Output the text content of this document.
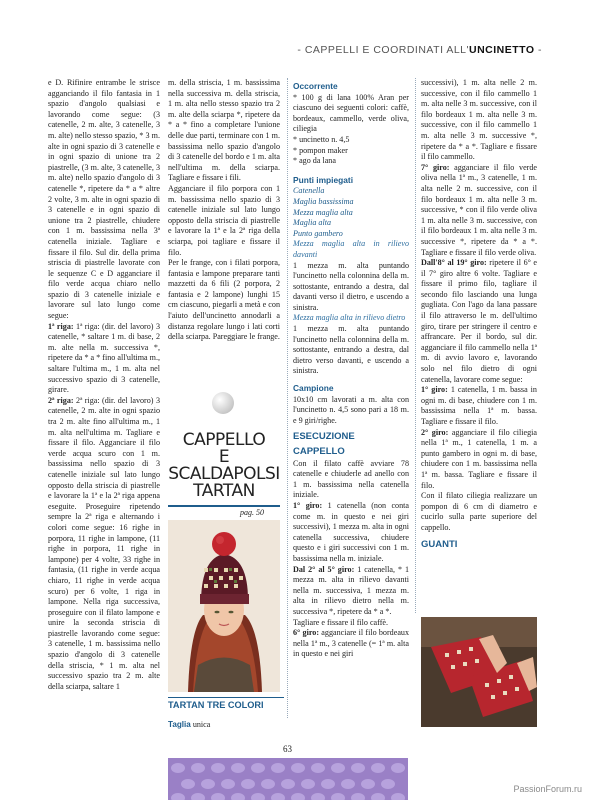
- CAPPELLI E COORDINATI ALL'UNCINETTO -

e D. Rifinire entrambe le strisce agganciando il filo fantasia in 1 spazio d'angolo qualsiasi e lavorando come segue: (3 catenelle, 2 m. alte, 3 catenelle, 3 m. alte) nello stesso spazio, * 3 m. alte in ogni spazio di 3 catenelle e in ogni spazio di unione tra 2 piastrelle, (3 m. alte, 3 catenelle, 3 m. alte) nello spazio d'angolo di 3 catenelle *, ripetere da * a * altre 2 volte, 3 m. alte in ogni spazio di 3 catenelle e in ogni spazio di unione tra 2 piastrelle, chiudere con 1 m. bassissima nella 3ª catenella iniziale. Tagliare e fissare il filo. Sul dir. della prima striscia di piastrelle lavorate con le sequenze C e D agganciare il filo verde acqua chiaro nello spazio di 3 catenelle iniziale e lavorare sul lato lungo come segue:

1ª riga: 1ª riga: (dir. del lavoro) 3 catenelle, * saltare 1 m. di base, 2 m. alte nella m. successiva *, ripetere da * a * fino all'ultima m., saltare l'ultima m., 1 m. alta nel successivo spazio di 3 catenelle, girare.

2ª riga: 2ª riga: (dir. del lavoro) 3 catenelle, 2 m. alte in ogni spazio tra 2 m. alte fino all'ultima m., 1 m. alta nell'ultima m. Tagliare e fissare il filo. Agganciare il filo verde acqua scuro con 1 m. bassissima nello spazio di 3 catenelle iniziale sul lato lungo opposto della striscia di piastrelle e lavorare la 1ª e la 2ª riga appena eseguite. Proseguire ripetendo sempre la 2ª riga e alternando i colori come segue: 16 righe in porpora, 11 righe in lampone, (11 righe in porpora, 11 righe in lampone) per 4 volte, 33 righe in fantasia, (11 righe in verde acqua chiaro, 11 righe in verde acqua scuro) per 6 volte, 1 riga in lampone. Nella riga successiva, proseguire con il filato lampone e unire la seconda striscia di piastrelle lavorando come segue: 3 catenelle, 1 m. bassissima nello spazio d'angolo di 3 catenelle della striscia, * 1 m. alta nel successivo spazio tra 2 m. alte della sciarpa, saltare 1

m. della striscia, 1 m. bassissima nella successiva m. della striscia, 1 m. alta nello stesso spazio tra 2 m. alte della sciarpa *, ripetere da * a * fino a completare l'unione delle due parti, terminare con 1 m. bassissima nello spazio d'angolo di 3 catenelle del bordo e 1 m. alta nell'ultima m. della sciarpa. Tagliare e fissare i fili.

Agganciare il filo porpora con 1 m. bassissima nello spazio di 3 catenelle iniziale sul lato lungo opposto della striscia di piastrelle e lavorare la 1ª e la 2ª riga della sciarpa, poi tagliare e fissare il filo.

Per le frange, con i filati porpora, fantasia e lampone preparare tanti mazzetti da 6 fili (2 porpora, 2 fantasia e 2 lampone) lunghi 15 cm ciascuno, piegarli a metà e con l'aiuto dell'uncinetto annodarli a distanza regolare lungo i lati corti della sciarpa. Pareggiare le frange.

CAPPELLO
E SCALDAPOLSI
TARTAN
pag. 50
TARTAN TRE COLORI
Taglia unica
Occorrente

* 100 g di lana 100% Aran per ciascuno dei seguenti colori: caffè, bordeaux, cammello, verde oliva, ciliegia

* uncinetto n. 4,5

* pompon maker

* ago da lana

Punti impiegati

Catenella

Maglia bassissima

Mezza maglia alta

Maglia alta

Punto gambero

Mezza maglia alta in rilievo davanti

1 mezza m. alta puntando l'uncinetto nella colonnina della m. sottostante, entrando a destra, dal davanti verso il dietro, e uscendo a sinistra.

Mezza maglia alta in rilievo dietro

1 mezza m. alta puntando l'uncinetto nella colonnina della m. sottostante, entrando a destra, dal dietro verso davanti, e uscendo a sinistra.

Campione

10x10 cm lavorati a m. alta con l'uncinetto n. 4,5 sono pari a 18 m. e 9 giri/righe.

ESECUZIONE
CAPPELLO

Con il filato caffè avviare 78 catenelle e chiuderle ad anello con 1 m. bassissima nella catenella iniziale.

1° giro: 1 catenella (non conta come m. in questo e nei giri successivi), 1 mezza m. alta in ogni catenella successiva, chiudere questo e i giri successivi con 1 m. bassissima nella m. iniziale.

Dal 2° al 5° giro: 1 catenella, * 1 mezza m. alta in rilievo davanti nella m. successiva, 1 mezza m. alta in rilievo dietro nella m. successiva *, ripetere da * a *.

Tagliare e fissare il filo caffè.

6° giro: agganciare il filo bordeaux nella 1ª m., 3 catenelle (= 1ª m. alta in questo e nei giri

successivi), 1 m. alta nelle 2 m. successive, con il filo cammello 1 m. alta nelle 3 m. successive, con il filo bordeaux 1 m. alta nelle 3 m. successive, con il filo cammello 1 m. alta nelle 3 m. successive *, ripetere da * a *. Tagliare e fissare il filo cammello.

7° giro: agganciare il filo verde oliva nella 1ª m., 3 catenelle, 1 m. alta nelle 2 m. successive, con il filo bordeaux 1 m. alta nelle 3 m. successive, * con il filo verde oliva 1 m. alta nelle 3 m. successive, con il filo bordeaux 1 m. alta nelle 3 m. successive *, ripetere da * a *. Tagliare e fissare il filo verde oliva.

Dall'8° al 19° giro: ripetere il 6° e il 7° giro altre 6 volte. Tagliare e fissare il primo filo, tagliare il secondo filo lasciando una lunga gugliata. Con l'ago da lana passare il filo attraverso le m. dell'ultimo giro, tirare per stringere il centro e affrancare. Per il bordo, sul dir. agganciare il filo cammello nella 1ª m. di avvio lavoro e, lavorando solo nel filo dietro di ogni catenella, lavorare come segue:

1° giro: 1 catenella, 1 m. bassa in ogni m. di base, chiudere con 1 m. bassissima nella 1ª m. bassa. Tagliare e fissare il filo.

2° giro: agganciare il filo ciliegia nella 1ª m., 1 catenella, 1 m. a punto gambero in ogni m. di base, chiudere con 1 m. bassissima nella 1ª m. bassa. Tagliare e fissare il filo.

Con il filato ciliegia realizzare un pompon di 6 cm di diametro e cucirlo sulla parte superiore del cappello.

GUANTI
63
PassionForum.ru
